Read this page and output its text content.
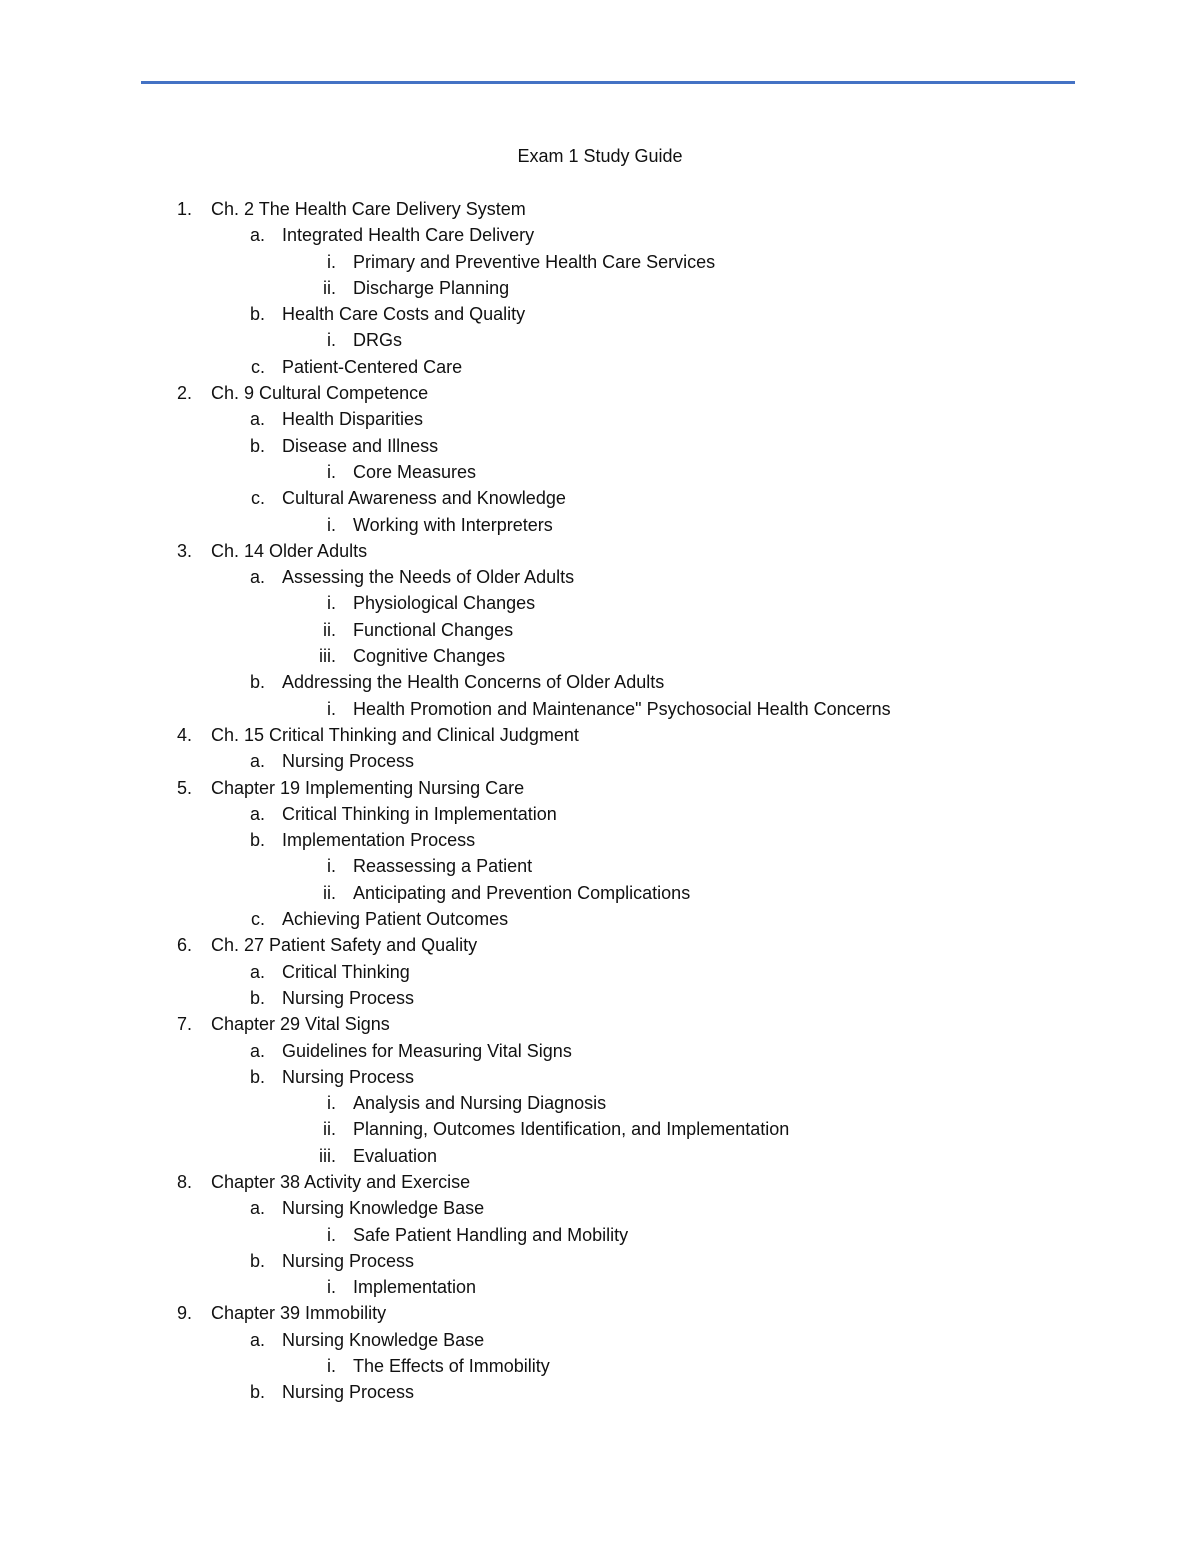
Exam 1 Study Guide
1. Ch. 2 The Health Care Delivery System
a. Integrated Health Care Delivery
i. Primary and Preventive Health Care Services
ii. Discharge Planning
b. Health Care Costs and Quality
i. DRGs
c. Patient-Centered Care
2. Ch. 9 Cultural Competence
a. Health Disparities
b. Disease and Illness
i. Core Measures
c. Cultural Awareness and Knowledge
i. Working with Interpreters
3. Ch. 14 Older Adults
a. Assessing the Needs of Older Adults
i. Physiological Changes
ii. Functional Changes
iii. Cognitive Changes
b. Addressing the Health Concerns of Older Adults
i. Health Promotion and Maintenance" Psychosocial Health Concerns
4. Ch. 15 Critical Thinking and Clinical Judgment
a. Nursing Process
5. Chapter 19 Implementing Nursing Care
a. Critical Thinking in Implementation
b. Implementation Process
i. Reassessing a Patient
ii. Anticipating and Prevention Complications
c. Achieving Patient Outcomes
6. Ch. 27 Patient Safety and Quality
a. Critical Thinking
b. Nursing Process
7. Chapter 29 Vital Signs
a. Guidelines for Measuring Vital Signs
b. Nursing Process
i. Analysis and Nursing Diagnosis
ii. Planning, Outcomes Identification, and Implementation
iii. Evaluation
8. Chapter 38 Activity and Exercise
a. Nursing Knowledge Base
i. Safe Patient Handling and Mobility
b. Nursing Process
i. Implementation
9. Chapter 39 Immobility
a. Nursing Knowledge Base
i. The Effects of Immobility
b. Nursing Process
